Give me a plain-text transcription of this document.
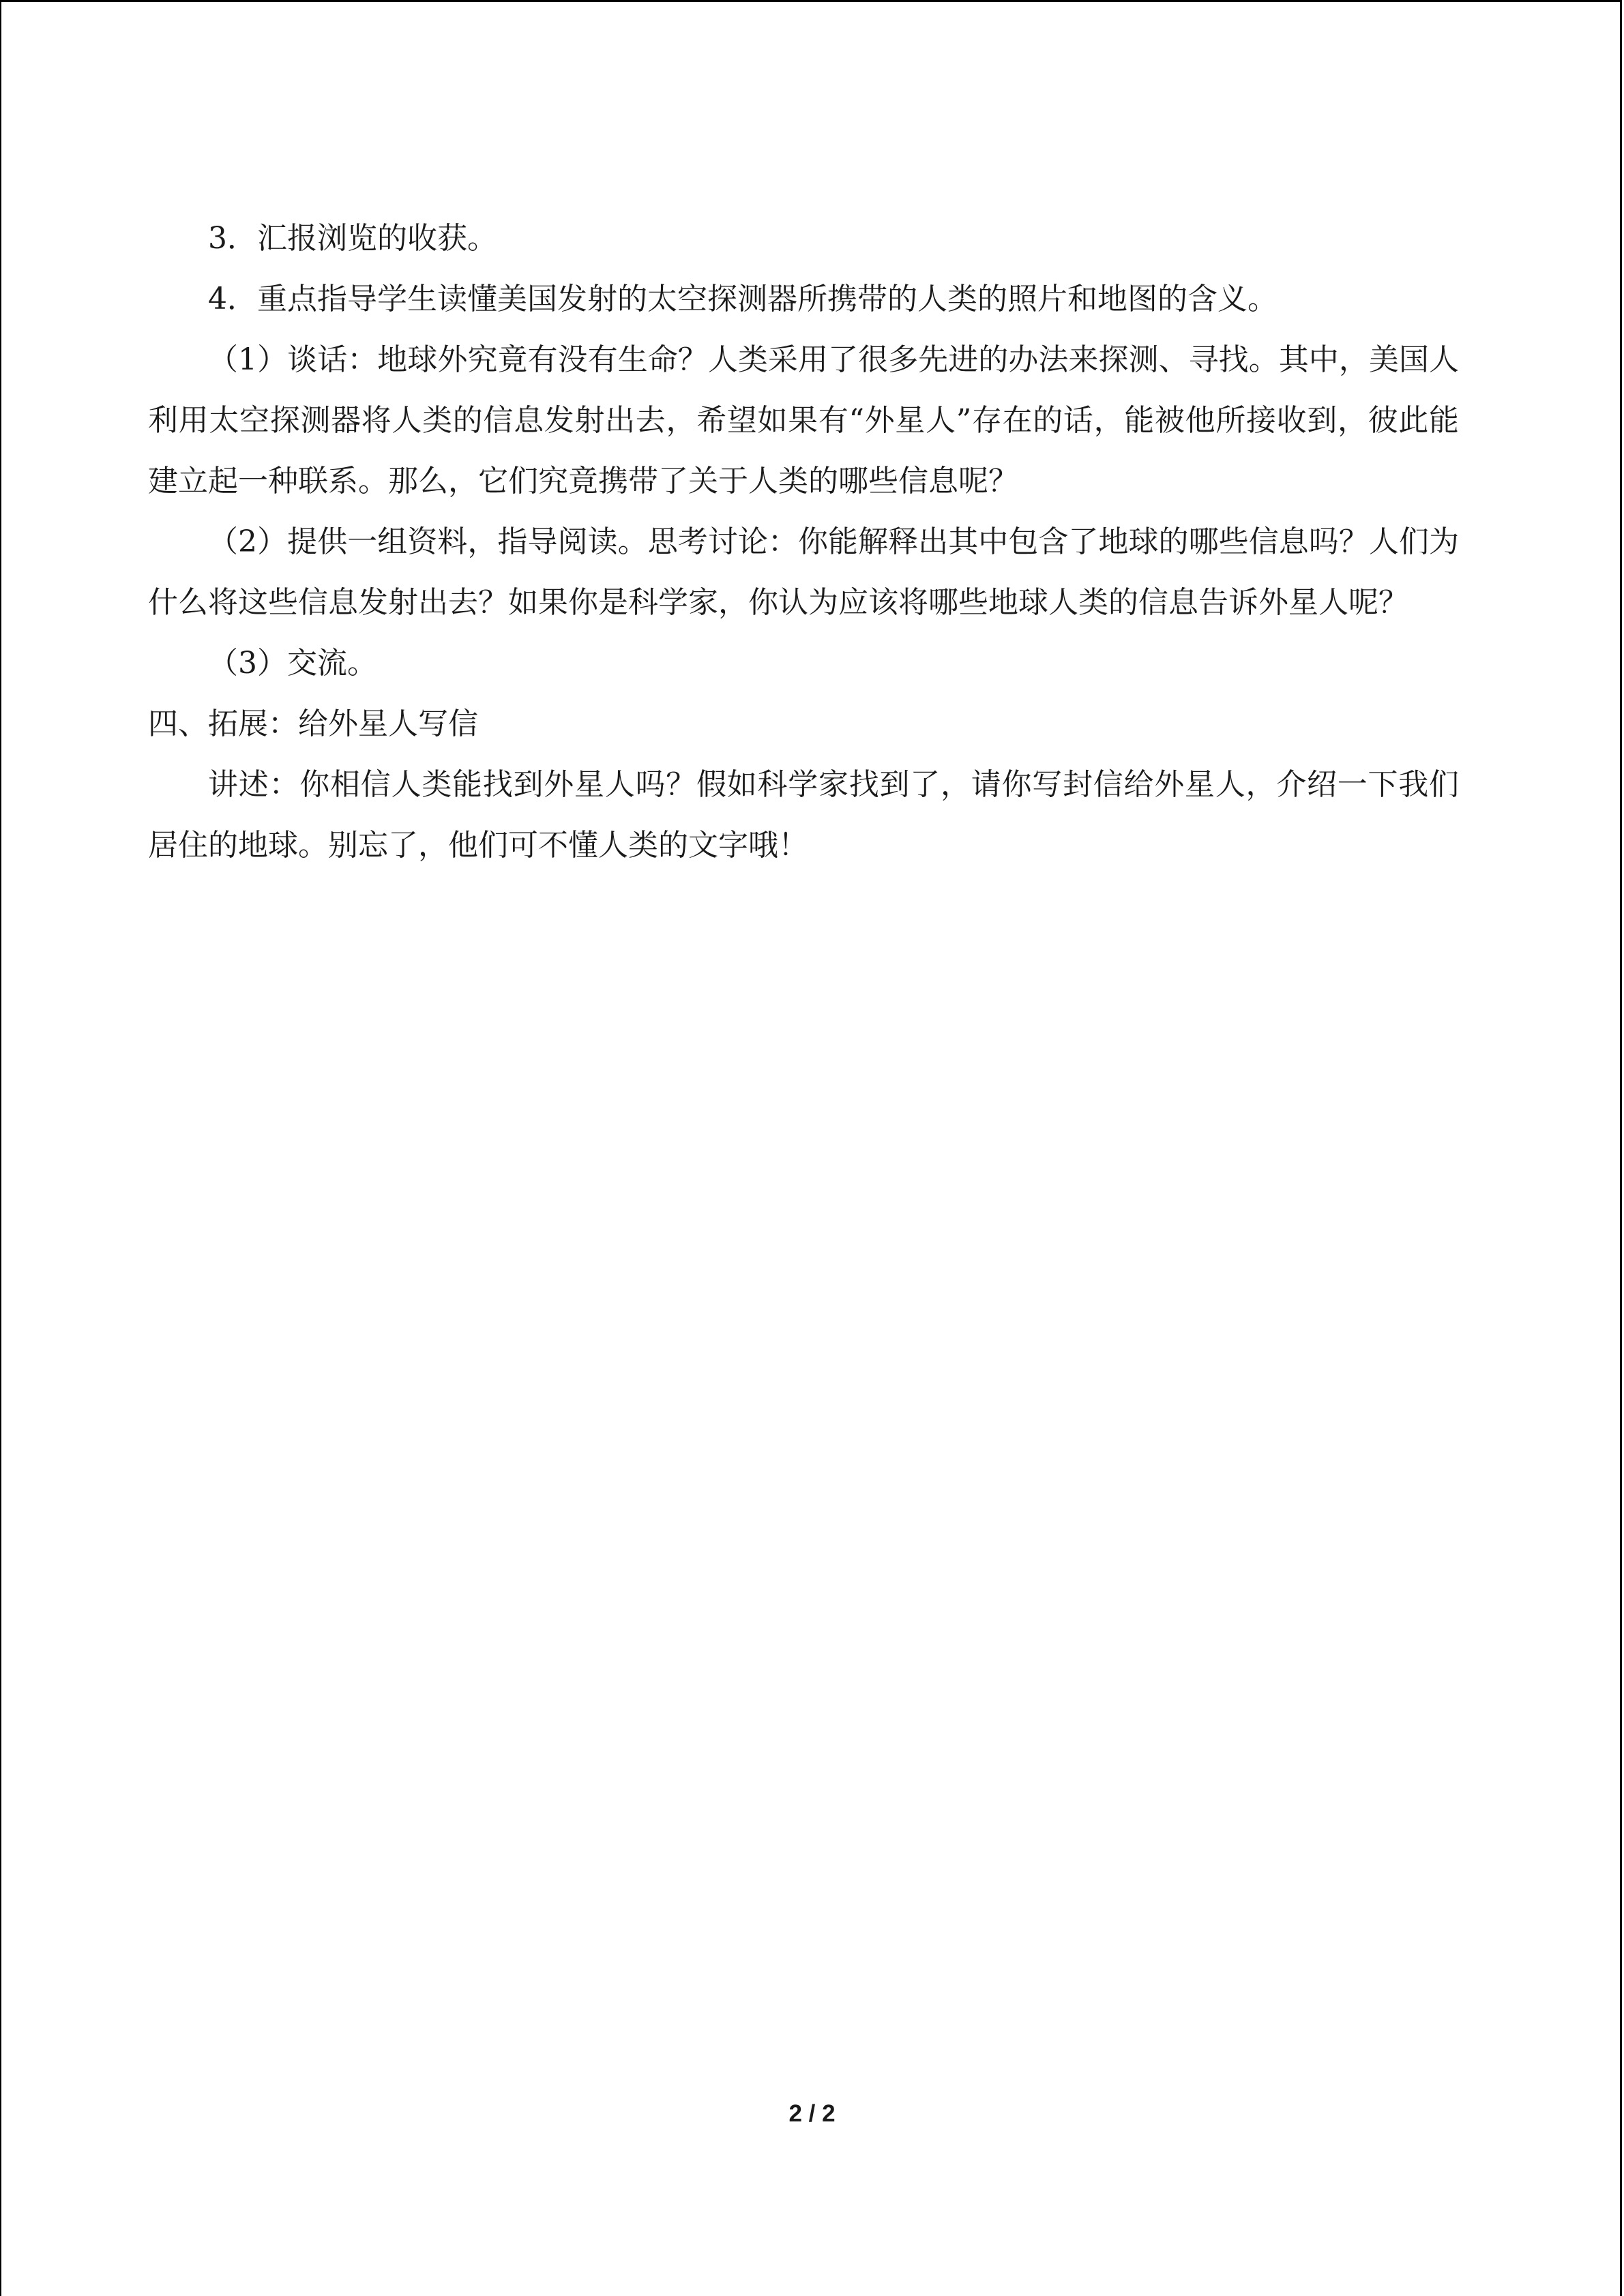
3．汇报浏览的收获。

4．重点指导学生读懂美国发射的太空探测器所携带的人类的照片和地图的含义。

（1）谈话：地球外究竟有没有生命？人类采用了很多先进的办法来探测、寻找。其中，美国人利用太空探测器将人类的信息发射出去，希望如果有“外星人”存在的话，能被他所接收到，彼此能建立起一种联系。那么，它们究竟携带了关于人类的哪些信息呢？

（2）提供一组资料，指导阅读。思考讨论：你能解释出其中包含了地球的哪些信息吗？人们为什么将这些信息发射出去？如果你是科学家，你认为应该将哪些地球人类的信息告诉外星人呢？

（3）交流。

四、拓展：给外星人写信

讲述：你相信人类能找到外星人吗？假如科学家找到了，请你写封信给外星人，介绍一下我们居住的地球。别忘了，他们可不懂人类的文字哦！

2 / 2
